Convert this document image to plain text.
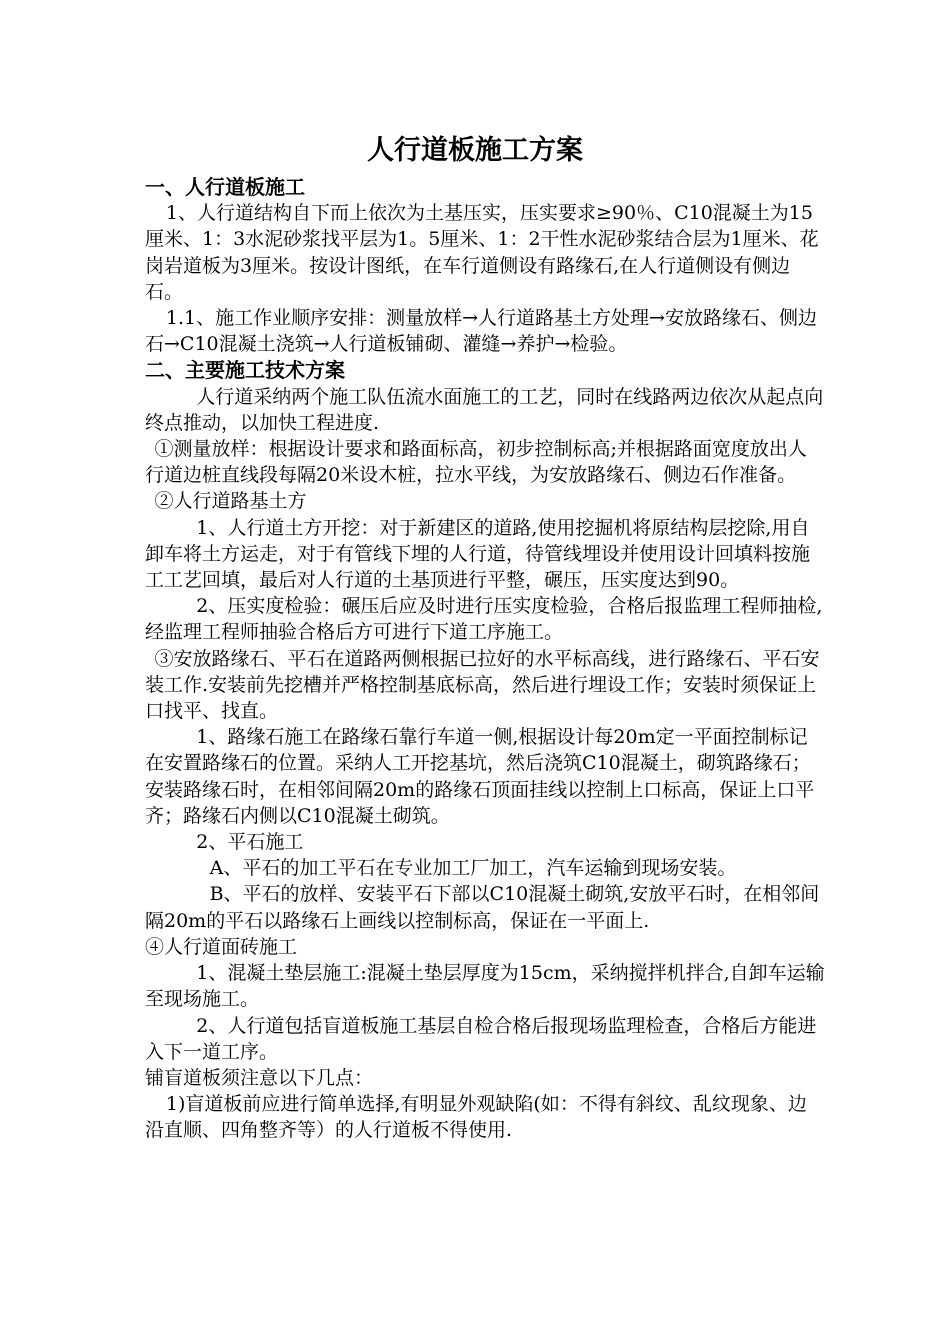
人行道板施工方案

一、人行道板施工

1、人行道结构自下而上依次为土基压实，压实要求≥90％、C10混凝土为15厘米、1：3水泥砂浆找平层为1。5厘米、1：2干性水泥砂浆结合层为1厘米、花岗岩道板为3厘米。按设计图纸，在车行道侧设有路缘石,在人行道侧设有侧边石。

1.1、施工作业顺序安排：测量放样→人行道路基土方处理→安放路缘石、侧边石→C10混凝土浇筑→人行道板铺砌、灌缝→养护→检验。

二、主要施工技术方案

人行道采纳两个施工队伍流水面施工的工艺，同时在线路两边依次从起点向终点推动，以加快工程进度.

①测量放样：根据设计要求和路面标高，初步控制标高;并根据路面宽度放出人行道边桩直线段每隔20米设木桩，拉水平线，为安放路缘石、侧边石作准备。

②人行道路基土方

1、人行道土方开挖：对于新建区的道路,使用挖掘机将原结构层挖除,用自卸车将土方运走，对于有管线下埋的人行道，待管线埋设并使用设计回填料按施工工艺回填，最后对人行道的土基顶进行平整，碾压，压实度达到90。

2、压实度检验：碾压后应及时进行压实度检验，合格后报监理工程师抽检,经监理工程师抽验合格后方可进行下道工序施工。

③安放路缘石、平石在道路两侧根据已拉好的水平标高线，进行路缘石、平石安装工作.安装前先挖槽并严格控制基底标高，然后进行埋设工作；安装时须保证上口找平、找直。

1、路缘石施工在路缘石靠行车道一侧,根据设计每20m定一平面控制标记在安置路缘石的位置。采纳人工开挖基坑，然后浇筑C10混凝土，砌筑路缘石；安装路缘石时，在相邻间隔20m的路缘石顶面挂线以控制上口标高，保证上口平齐；路缘石内侧以C10混凝土砌筑。

2、平石施工

A、平石的加工平石在专业加工厂加工，汽车运输到现场安装。

B、平石的放样、安装平石下部以C10混凝土砌筑,安放平石时，在相邻间隔20m的平石以路缘石上画线以控制标高，保证在一平面上.

④人行道面砖施工

1、混凝土垫层施工:混凝土垫层厚度为15cm，采纳搅拌机拌合,自卸车运输至现场施工。

2、人行道包括盲道板施工基层自检合格后报现场监理检查，合格后方能进入下一道工序。

铺盲道板须注意以下几点：

1)盲道板前应进行简单选择,有明显外观缺陷(如：不得有斜纹、乱纹现象、边沿直顺、四角整齐等）的人行道板不得使用.
